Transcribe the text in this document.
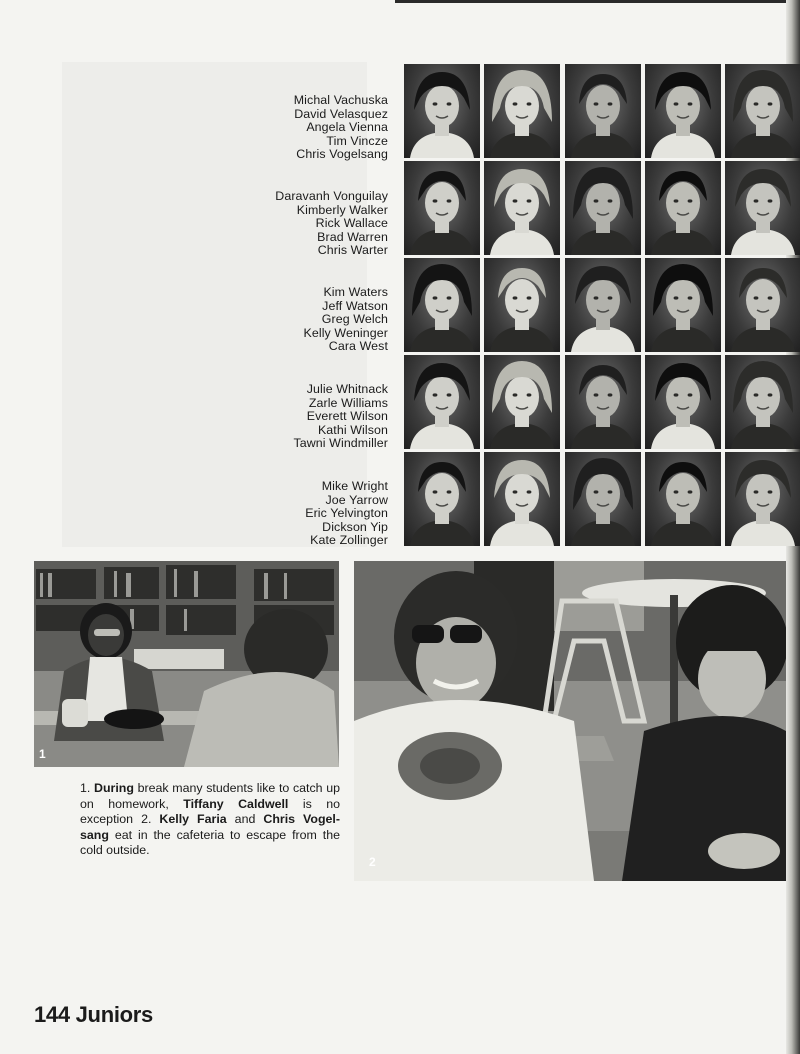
Michal Vachuska
David Velasquez
Angela Vienna
Tim Vincze
Chris Vogelsang
Daravanh Vonguilay
Kimberly Walker
Rick Wallace
Brad Warren
Chris Warter
Kim Waters
Jeff Watson
Greg Welch
Kelly Weninger
Cara West
Julie Whitnack
Zarle Williams
Everett Wilson
Kathi Wilson
Tawni Windmiller
Mike Wright
Joe Yarrow
Eric Yelvington
Dickson Yip
Kate Zollinger
1
2
1. During break many students like to catch up on homework, Tiffany Caldwell is no exception 2. Kelly Faria and Chris Vogel-sang eat in the cafeteria to escape from the cold outside.
144 Juniors
